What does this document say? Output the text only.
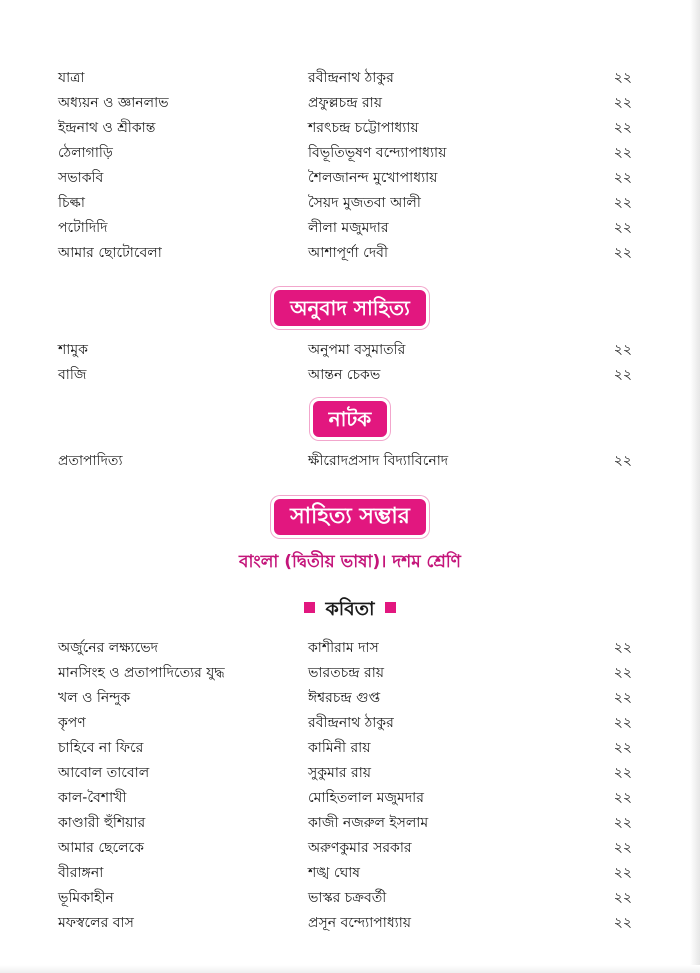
যাত্রা	রবীন্দ্রনাথ ঠাকুর	২২
অধ্যয়ন ও জ্ঞানলাভ	প্রফুল্লচন্দ্র রায়	২২
ইন্দ্রনাথ ও শ্রীকান্ত	শরৎচন্দ্র চট্টোপাধ্যায়	২২
ঠেলাগাড়ি	বিভূতিভূষণ বন্দ্যোপাধ্যায়	২২
সভাকবি	শৈলজানন্দ মুখোপাধ্যায়	২২
চিল্কা	সৈয়দ মুজতবা আলী	২২
পটোদিদি	লীলা মজুমদার	২২
আমার ছোটোবেলা	আশাপূর্ণা দেবী	২২
অনুবাদ সাহিত্য
শামুক	অনুপমা বসুমাতরি	২২
বাজি	আন্তন চেকভ	২২
নাটক
প্রতাপাদিত্য	ক্ষীরোদপ্রসাদ বিদ্যাবিনোদ	২২
সাহিত্য সম্ভার
বাংলা (দ্বিতীয় ভাষা)। দশম শ্রেণি
কবিতা
অর্জুনের লক্ষ্যভেদ	কাশীরাম দাস	২২
মানসিংহ ও প্রতাপাদিত্যের যুদ্ধ	ভারতচন্দ্র রায়	২২
খল ও নিন্দুক	ঈশ্বরচন্দ্র গুপ্ত	২২
কৃপণ	রবীন্দ্রনাথ ঠাকুর	২২
চাহিবে না ফিরে	কামিনী রায়	২২
আবোল তাবোল	সুকুমার রায়	২২
কাল-বৈশাখী	মোহিতলাল মজুমদার	২২
কাণ্ডারী হুঁশিয়ার	কাজী নজরুল ইসলাম	২২
আমার ছেলেকে	অরুণকুমার সরকার	২২
বীরাঙ্গনা	শঙ্খ ঘোষ	২২
ভূমিকাহীন	ভাস্কর চক্রবর্তী	২২
মফস্বলের বাস	প্রসূন বন্দ্যোপাধ্যায়	২২
